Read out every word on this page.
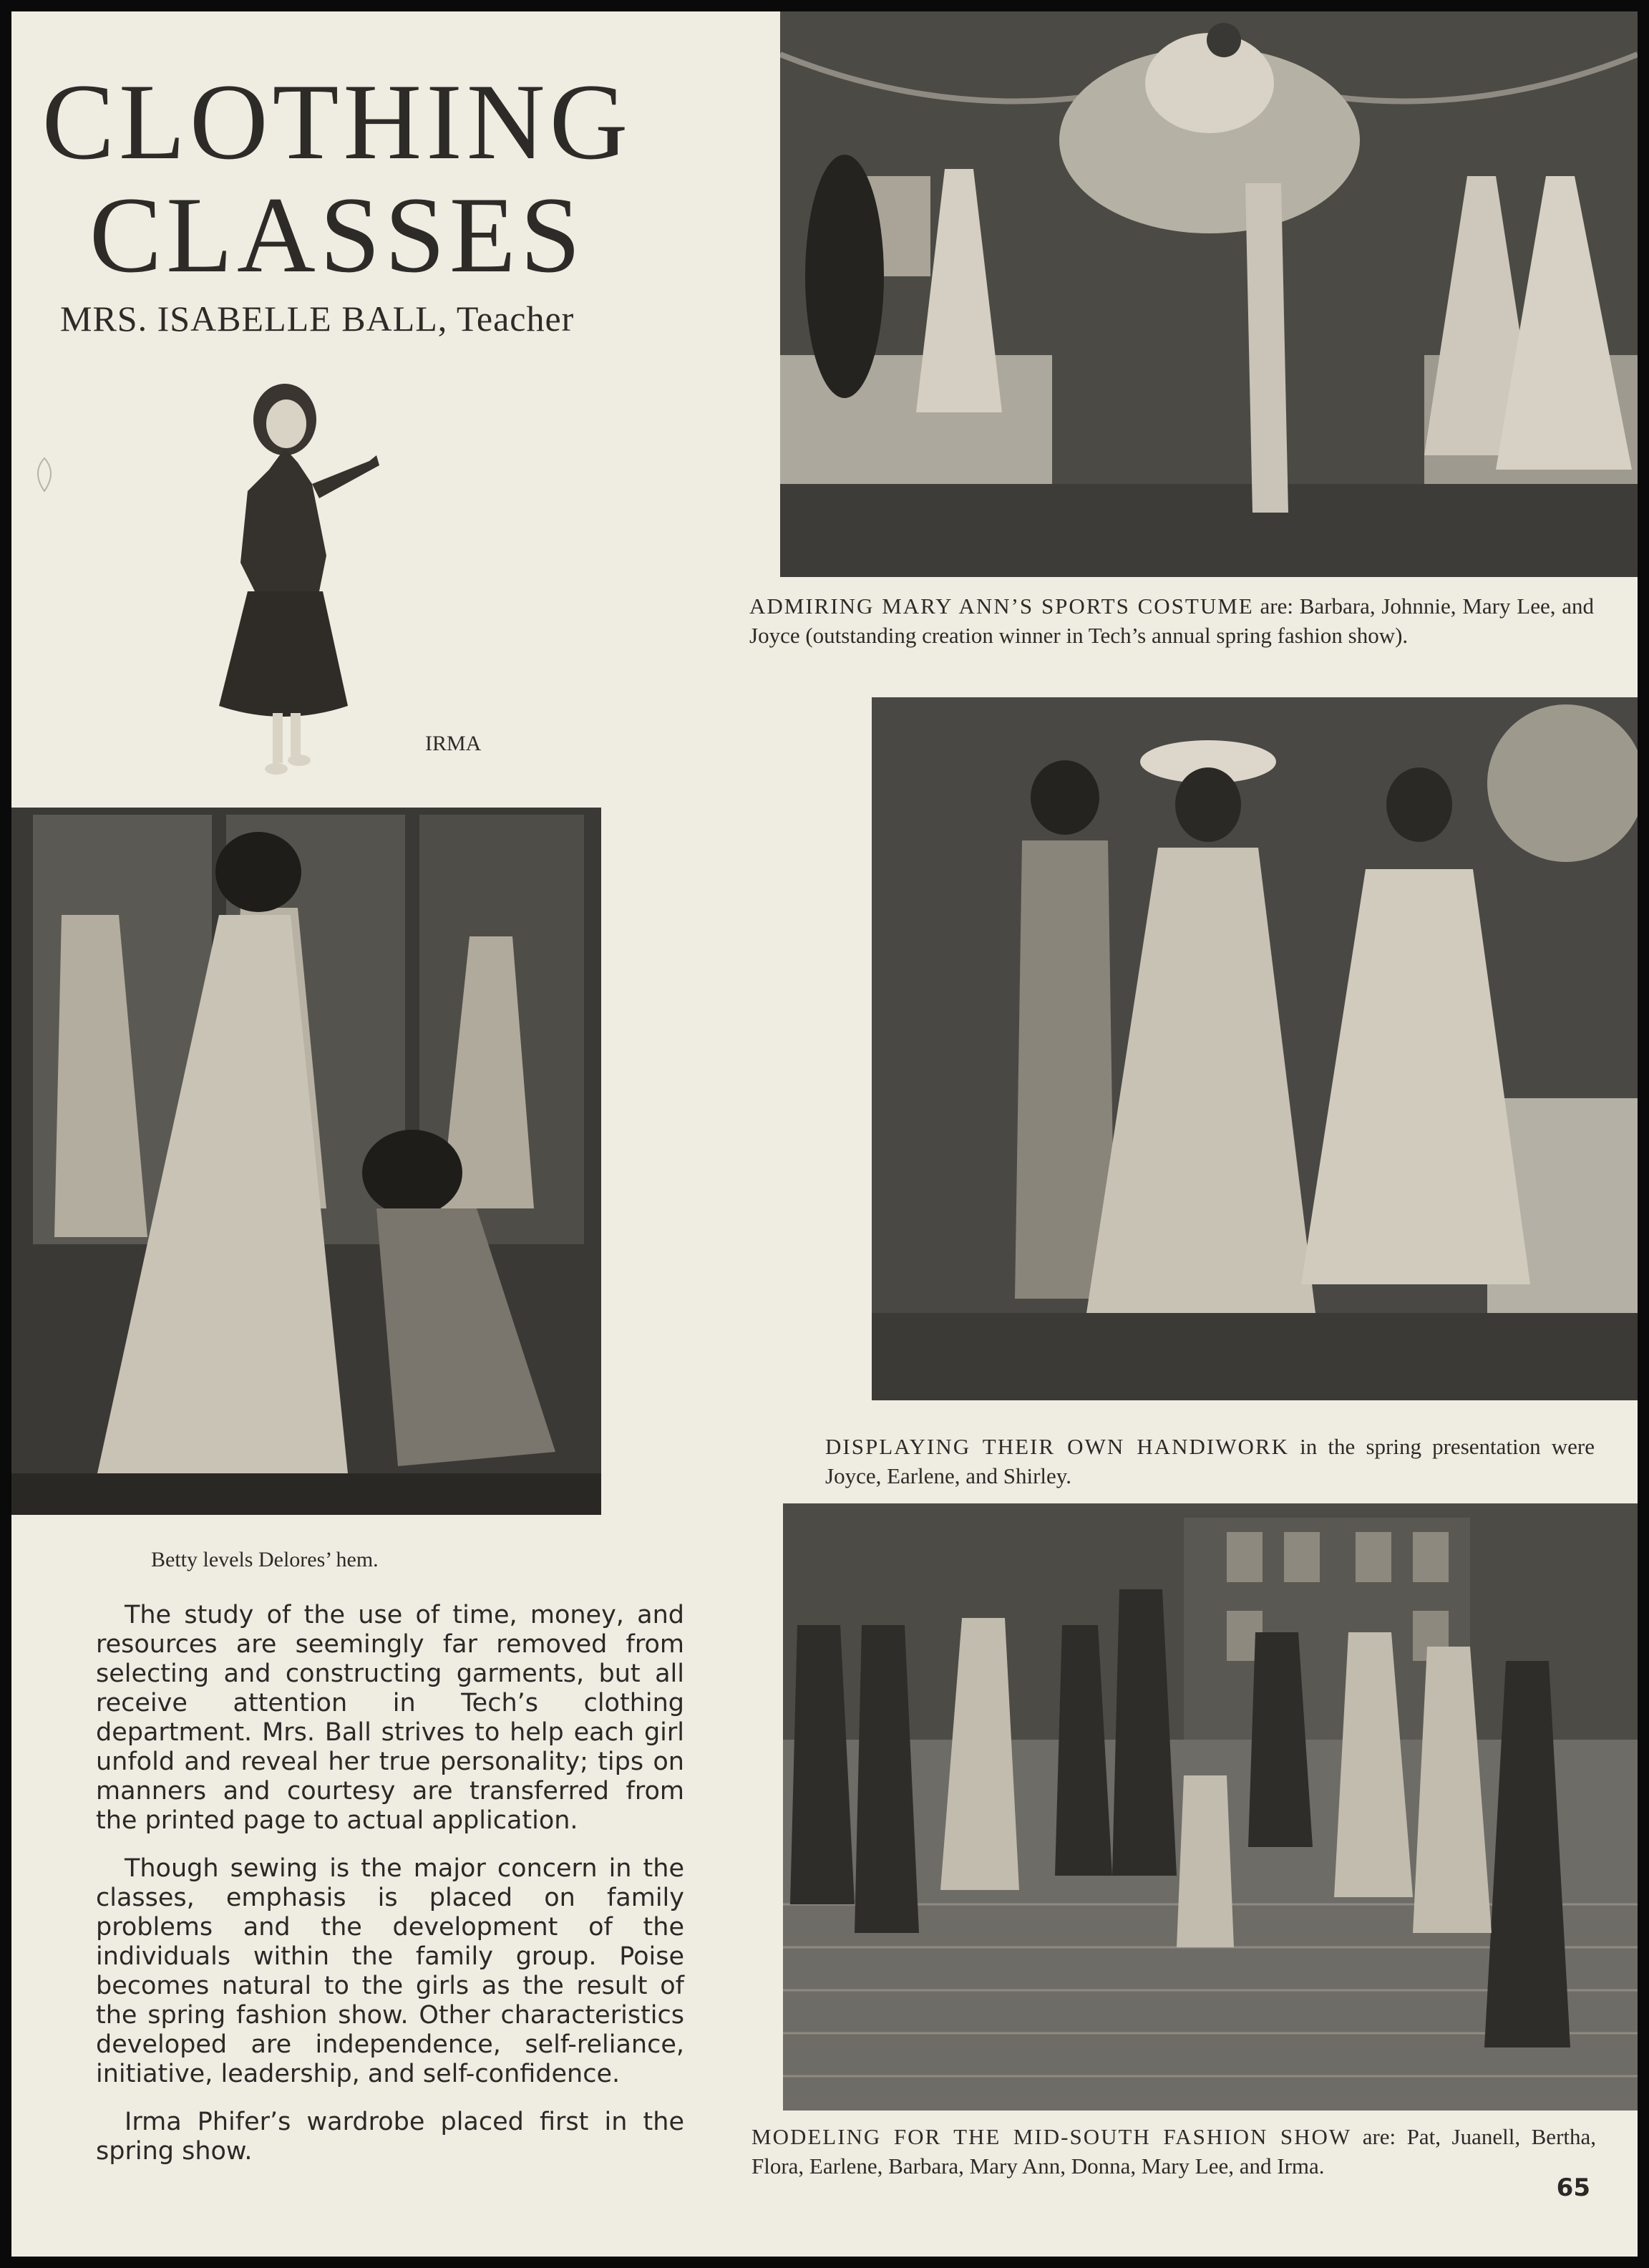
CLOTHING
CLASSES
MRS. ISABELLE BALL, Teacher
IRMA
ADMIRING MARY ANN’S SPORTS COSTUME are: Barbara, Johnnie, Mary Lee, and Joyce (outstanding creation winner in Tech’s annual spring fashion show).
Betty levels Delores’ hem.
DISPLAYING THEIR OWN HANDIWORK in the spring presentation were Joyce, Earlene, and Shirley.
MODELING FOR THE MID-SOUTH FASHION SHOW are: Pat, Juanell, Bertha, Flora, Earlene, Barbara, Mary Ann, Donna, Mary Lee, and Irma.

The study of the use of time, money, and resources are seemingly far removed from selecting and constructing garments, but all receive attention in Tech’s clothing department. Mrs. Ball strives to help each girl unfold and reveal her true personality; tips on manners and courtesy are transferred from the printed page to actual application.

Though sewing is the major concern in the classes, emphasis is placed on family problems and the development of the individuals within the family group. Poise becomes natural to the girls as the result of the spring fashion show. Other characteristics developed are independence, self-reliance, initiative, leadership, and self-confidence.

Irma Phifer’s wardrobe placed first in the spring show.

65
